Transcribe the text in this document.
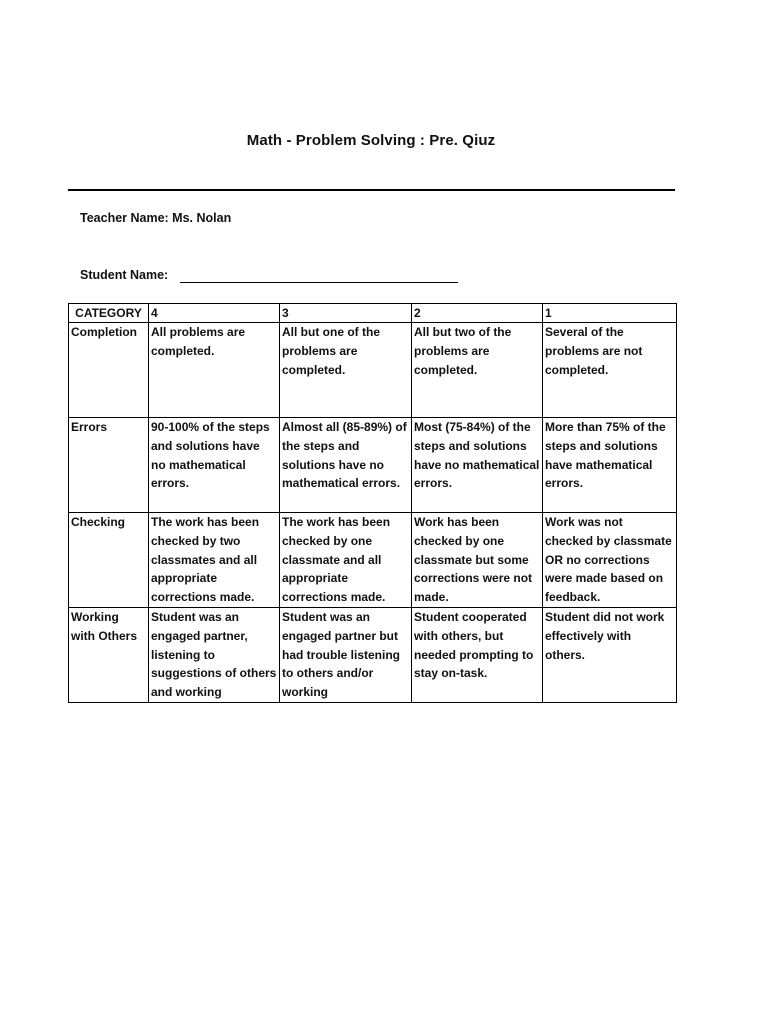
Math - Problem Solving : Pre. Qiuz
Teacher Name: Ms. Nolan
Student Name:
CATEGORY	4	3	2	1
Completion	All problems are completed.	All but one of the problems are completed.	All but two of the problems are completed.	Several of the problems are not completed.
Errors	90-100% of the steps and solutions have no mathematical errors.	Almost all (85-89%) of the steps and solutions have no mathematical errors.	Most (75-84%) of the steps and solutions have no mathematical errors.	More than 75% of the steps and solutions have mathematical errors.
Checking	The work has been checked by two classmates and all appropriate corrections made.	The work has been checked by one classmate and all appropriate corrections made.	Work has been checked by one classmate but some corrections were not made.	Work was not checked by classmate OR no corrections were made based on feedback.
Working with Others	Student was an engaged partner, listening to suggestions of others and working	Student was an engaged partner but had trouble listening to others and/or working	Student cooperated with others, but needed prompting to stay on-task.	Student did not work effectively with others.
